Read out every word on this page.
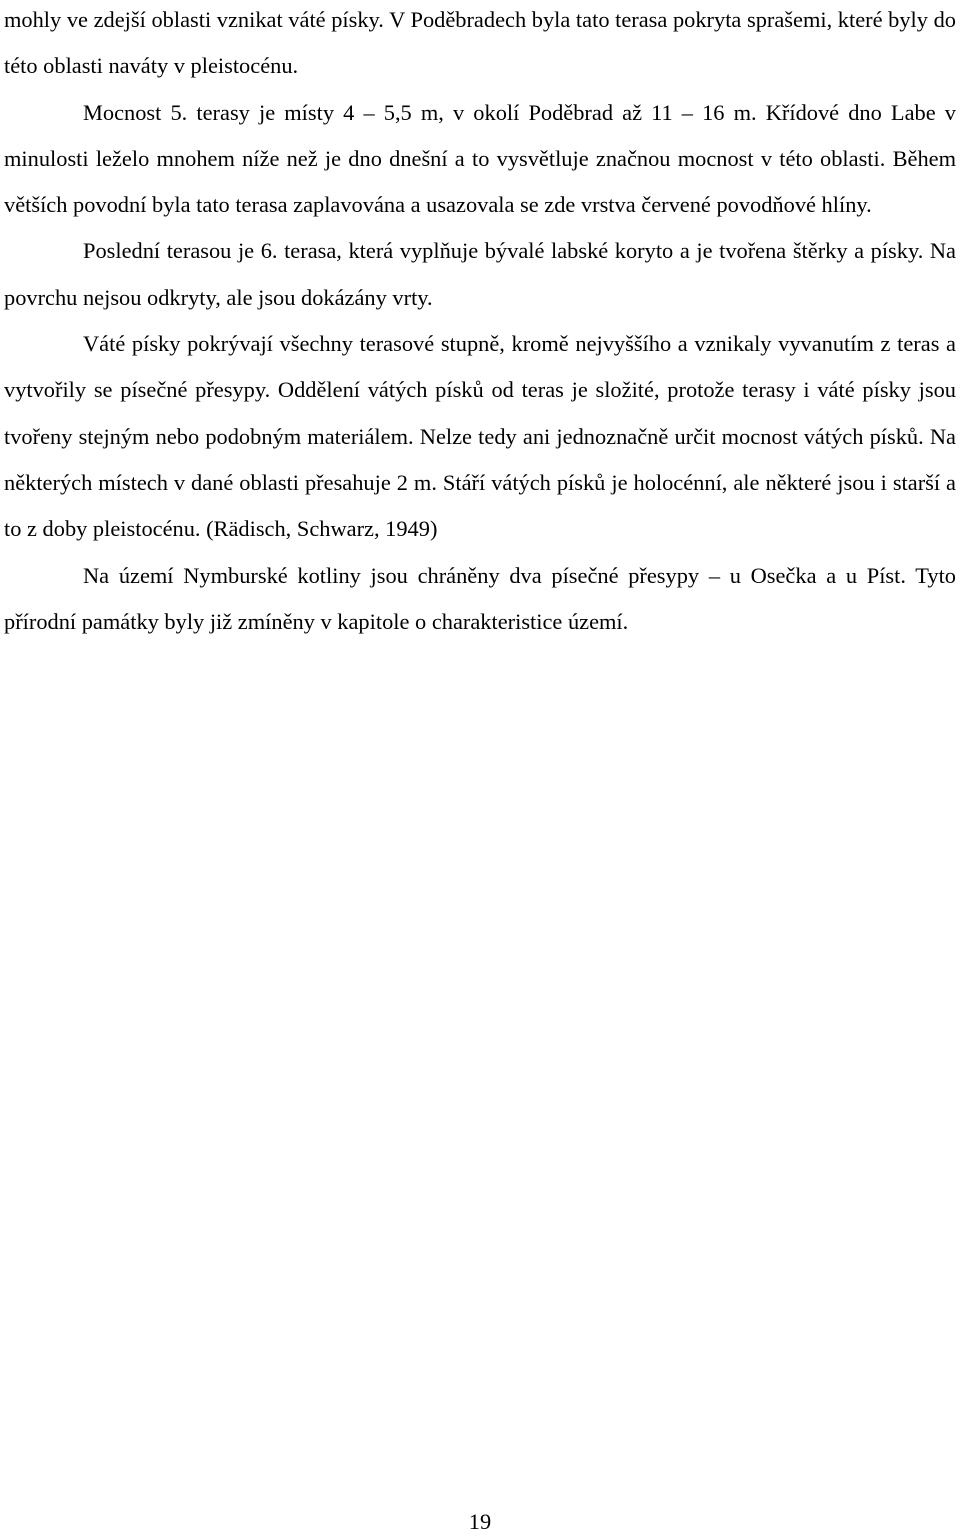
mohly ve zdejší oblasti vznikat váté písky. V Poděbradech byla tato terasa pokryta sprašemi, které byly do této oblasti naváty v pleistocénu.

Mocnost 5. terasy je místy 4 – 5,5 m, v okolí Poděbrad až 11 – 16 m. Křídové dno Labe v minulosti leželo mnohem níže než je dno dnešní a to vysvětluje značnou mocnost v této oblasti. Během větších povodní byla tato terasa zaplavována a usazovala se zde vrstva červené povodňové hlíny.

Poslední terasou je 6. terasa, která vyplňuje bývalé labské koryto a je tvořena štěrky a písky. Na povrchu nejsou odkryty, ale jsou dokázány vrty.

Váté písky pokrývají všechny terasové stupně, kromě nejvyššího a vznikaly vyvanutím z teras a vytvořily se písečné přesypy. Oddělení vátých písků od teras je složité, protože terasy i váté písky jsou tvořeny stejným nebo podobným materiálem. Nelze tedy ani jednoznačně určit mocnost vátých písků. Na některých místech v dané oblasti přesahuje 2 m. Stáří vátých písků je holocénní, ale některé jsou i starší a to z doby pleistocénu. (Rädisch, Schwarz, 1949)

Na území Nymburské kotliny jsou chráněny dva písečné přesypy – u Osečka a u Píst. Tyto přírodní památky byly již zmíněny v kapitole o charakteristice území.

19
